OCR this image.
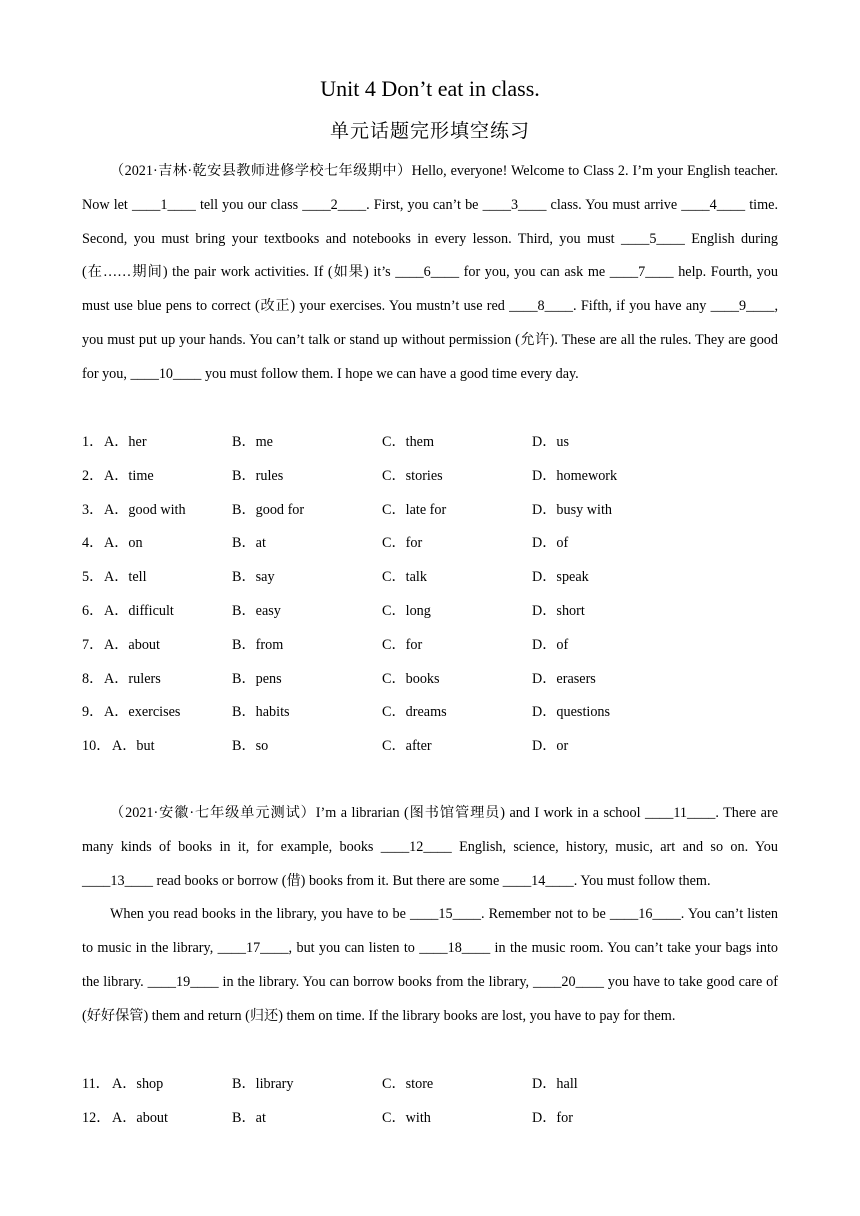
Unit 4 Don’t eat in class.
单元话题完形填空练习

（2021·吉林·乾安县教师进修学校七年级期中）Hello, everyone! Welcome to Class 2. I’m your English teacher. Now let ____1____ tell you our class ____2____. First, you can’t be ____3____ class. You must arrive ____4____ time. Second, you must bring your textbooks and notebooks in every lesson. Third, you must ____5____ English during (在……期间) the pair work activities. If (如果) it’s ____6____ for you, you can ask me ____7____ help. Fourth, you must use blue pens to correct (改正) your exercises. You mustn’t use red ____8____. Fifth, if you have any ____9____, you must put up your hands. You can’t talk or stand up without permission (允许). These are all the rules. They are good for you, ____10____ you must follow them. I hope we can have a good time every day.

1． A．her	B．me	C．them	D．us
2． A．time	B．rules	C．stories	D．homework
3． A．good with	B．good for	C．late for	D．busy with
4． A．on	B．at	C．for	D．of
5． A．tell	B．say	C．talk	D．speak
6． A．difficult	B．easy	C．long	D．short
7． A．about	B．from	C．for	D．of
8． A．rulers	B．pens	C．books	D．erasers
9． A．exercises	B．habits	C．dreams	D．questions
10． A．but	B．so	C．after	D．or

（2021·安徽·七年级单元测试）I’m a librarian (图书馆管理员) and I work in a school ____11____. There are many kinds of books in it, for example, books ____12____ English, science, history, music, art and so on. You ____13____ read books or borrow (借) books from it. But there are some ____14____. You must follow them.

When you read books in the library, you have to be ____15____. Remember not to be ____16____. You can’t listen to music in the library, ____17____, but you can listen to ____18____ in the music room. You can’t take your bags into the library. ____19____ in the library. You can borrow books from the library, ____20____ you have to take good care of (好好保管) them and return (归还) them on time. If the library books are lost, you have to pay for them.

11． A．shop	B．library	C．store	D．hall
12． A．about	B．at	C．with	D．for
